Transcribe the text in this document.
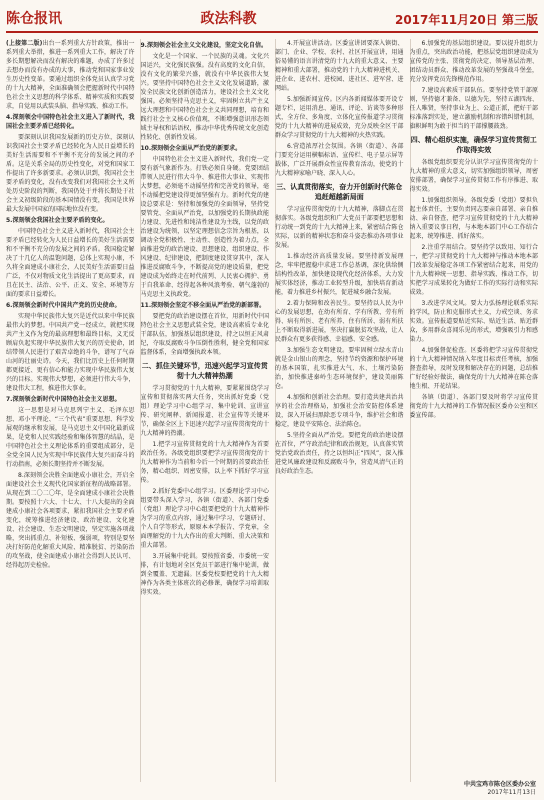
陈仓报讯	政法科教	2017年11月20日 第三版

(上接第二版)出台一系列重大方针政策，推出一系列重大举措，推进一系列重大工作，解决了许多长期想解决而没有解决的难题，办成了许多过去想办而没有办成的大事，推动党和国家事业发生历史性变革。要通过组织全体党员认真学习党的十九大精神，全面准确领会把握新时代中国特色社会主义思想的科学体系、精神实质和实践要求，自觉用以武装头脑、指导实践、推动工作。

4.深刻领会中国特色社会主义进入了新时代，我国社会主要矛盾已经转化。

要深刻认识我国发展新的历史方位，深刻认识我国社会主要矛盾已经转化为人民日益增长的美好生活需要和不平衡不充分的发展之间的矛盾。这是关系全局的历史性变化，对党和国家工作提出了许多新要求。必须认识到，我国社会主要矛盾的变化，没有改变我们对我国社会主义所处历史阶段的判断，我国仍处于并将长期处于社会主义初级阶段的基本国情没有变，我国是世界最大发展中国家的国际地位没有变。

5.深刻领会我国社会主要矛盾的变化。

中国特色社会主义进入新时代，我国社会主要矛盾已经转化为人民日益增长的美好生活需要和不平衡不充分的发展之间的矛盾。我国稳定解决了十几亿人的温饱问题，总体上实现小康，不久将全面建成小康社会，人民美好生活需要日益广泛，不仅对物质文化生活提出了更高要求，而且在民主、法治、公平、正义、安全、环境等方面的要求日益增长。

6.深刻领会新时代中国共产党的历史使命。

实现中华民族伟大复兴是近代以来中华民族最伟大的梦想。中国共产党一经成立，就把实现共产主义作为党的最高理想和最终目标，义无反顾肩负起实现中华民族伟大复兴的历史使命，团结带领人民进行了艰苦卓绝的斗争，谱写了气吞山河的壮丽史诗。今天，我们比历史上任何时期都更接近、更有信心和能力实现中华民族伟大复兴的目标。实现伟大梦想，必须进行伟大斗争，建设伟大工程，推进伟大事业。

7.深刻领会新时代中国特色社会主义思想。

这一思想是对马克思列宁主义、毛泽东思想、邓小平理论、“三个代表”重要思想、科学发展观的继承和发展，是马克思主义中国化最新成果，是党和人民实践经验和集体智慧的结晶，是中国特色社会主义理论体系的重要组成部分，是全党全国人民为实现中华民族伟大复兴而奋斗的行动指南，必须长期坚持并不断发展。

8.深刻领会决胜全面建成小康社会，开启全面建设社会主义现代化国家新征程的战略部署。从现在到二〇二〇年，是全面建成小康社会决胜期。要按照十六大、十七大、十八大提出的全面建成小康社会各项要求，紧扣我国社会主要矛盾变化，统筹推进经济建设、政治建设、文化建设、社会建设、生态文明建设，坚定实施各项战略，突出抓重点、补短板、强弱项，特别是要坚决打好防范化解重大风险、精准脱贫、污染防治的攻坚战，使全面建成小康社会得到人民认可、经得起历史检验。

9.深刻领会社会主义文化建设，坚定文化自信。

文化是一个国家、一个民族的灵魂。文化兴国运兴，文化强民族强。没有高度的文化自信，没有文化的繁荣兴盛，就没有中华民族伟大复兴。要坚持中国特色社会主义文化发展道路，激发全民族文化创新创造活力，建设社会主义文化强国。必须坚持马克思主义，牢固树立共产主义远大理想和中国特色社会主义共同理想，培育和践行社会主义核心价值观，不断增强意识形态领域主导权和话语权，推动中华优秀传统文化创造性转化、创新性发展。

10.深刻领会全面从严治党的新要求。

中国特色社会主义进入新时代，我们党一定要有新气象新作为。打铁必须自身硬。党要团结带领人民进行伟大斗争、推进伟大事业、实现伟大梦想，必须毫不动摇坚持和完善党的领导，毫不动摇把党建设得更加坚强有力。新时代党的建设总要求是：坚持和加强党的全面领导，坚持党要管党、全面从严治党，以加强党的长期执政能力建设、先进性和纯洁性建设为主线，以党的政治建设为统领，以坚定理想信念宗旨为根基，以调动全党积极性、主动性、创造性为着力点，全面推进党的政治建设、思想建设、组织建设、作风建设、纪律建设，把制度建设贯穿其中，深入推进反腐败斗争，不断提高党的建设质量，把党建设成为始终走在时代前列、人民衷心拥护、勇于自我革命、经得起各种风浪考验、朝气蓬勃的马克思主义执政党。

11.深刻领会坚定不移全面从严治党的新部署。

要把党的政治建设摆在首位，用新时代中国特色社会主义思想武装全党，建设高素质专业化干部队伍，加强基层组织建设，持之以恒正风肃纪，夺取反腐败斗争压倒性胜利，健全党和国家监督体系，全面增强执政本领。

二、抓住关键环节，迅速兴起学习宣传贯彻十九大精神热潮

学习贯彻党的十九大精神，要紧紧围绕学习宣传和贯彻落实两大任务，突出抓好党委（党组）理论学习中心组学习、集中轮训、宣讲宣传、研究阐释、新闻报道、社会宣传等关键环节，确保全区上下迅速兴起学习宣传贯彻党的十九大精神的热潮。

1.把学习宣传贯彻党的十九大精神作为首要政治任务。各级党组织要把学习宣传贯彻党的十九大精神作为当前和今后一个时期的首要政治任务，精心组织、周密安排，以上率下抓好学习宣传。

2.抓好党委中心组学习。区委理论学习中心组要带头深入学习，各镇（街道）、各部门党委（党组）理论学习中心组要把党的十九大精神作为学习的重点内容，通过集中学习、专题研讨、个人自学等形式，原原本本学报告、学党章，全面理解党的十九大作出的重大判断、重大决策和重大部署。

3.开展集中轮训。要按照省委、市委统一安排，有计划地对全区党员干部进行集中轮训，做到全覆盖、无遗漏。区委党校要把党的十九大精神作为各类主体班次的必修课，确保学习培训取得实效。

4.开展宣讲活动。区委宣讲团要深入镇街、部门、企业、学校、农村、社区开展宣讲，用通俗易懂的语言讲清党的十九大的重大意义、主要精神和重大部署，推动党的十九大精神进机关、进企业、进农村、进校园、进社区、进军营、进网站。

5.加强新闻宣传。区内各新闻媒体要开设专题专栏，运用消息、通讯、评论、访谈等多种形式，全方位、多角度、立体化宣传报道学习贯彻党的十九大精神的进展成效，充分反映全区干部群众学习贯彻党的十九大精神的火热实践。

6.营造浓厚社会氛围。各镇（街道）、各部门要充分运用横幅标语、宣传栏、电子显示屏等载体，广泛开展群众性宣传教育活动，使党的十九大精神家喻户晓、深入人心。

三、认真贯彻落实，奋力开创新时代陈仓追赶超越新局面

学习宣传贯彻党的十九大精神，落脚点在贯彻落实。各级党组织和广大党员干部要把思想和行动统一到党的十九大精神上来，紧密结合陈仓实际，以新的精神状态和奋斗姿态推动各项事业发展。

1.推动经济高质量发展。要坚持新发展理念，牢牢把握稳中求进工作总基调，深化供给侧结构性改革，加快建设现代化经济体系，大力发展实体经济，推动工业转型升级，加快培育新动能，着力推进乡村振兴，促进城乡融合发展。

2.着力保障和改善民生。要坚持以人民为中心的发展思想，在幼有所育、学有所教、劳有所得、病有所医、老有所养、住有所居、弱有所扶上不断取得新进展，坚决打赢脱贫攻坚战，让人民群众有更多获得感、幸福感、安全感。

3.加强生态文明建设。要牢固树立绿水青山就是金山银山的理念，坚持节约资源和保护环境的基本国策，扎实推进大气、水、土壤污染防治，加快推进秦岭生态环境保护，建设美丽陈仓。

4.加强和创新社会治理。要打造共建共治共享的社会治理格局，加强社会治安防控体系建设，深入开展扫黑除恶专项斗争，维护社会和谐稳定，建设平安陈仓、法治陈仓。

5.坚持全面从严治党。要把党的政治建设摆在首位，严守政治纪律和政治规矩，认真落实管党治党政治责任，持之以恒纠正“四风”，深入推进党风廉政建设和反腐败斗争，营造风清气正的良好政治生态。

6.加强党的基层组织建设。要以提升组织力为重点，突出政治功能，把基层党组织建设成为宣传党的主张、贯彻党的决定、领导基层治理、团结动员群众、推动改革发展的坚强战斗堡垒，充分发挥党员先锋模范作用。

7.建设高素质干部队伍。要坚持党管干部原则，坚持德才兼备、以德为先，坚持五湖四海、任人唯贤，坚持事业为上、公道正派，把好干部标准落到实处，建立激励机制和容错纠错机制，旗帜鲜明为敢于担当的干部撑腰鼓劲。

四、精心组织实施，确保学习宣传贯彻工作取得实效

各级党组织要充分认识学习宣传贯彻党的十九大精神的重大意义，切实加强组织领导，周密安排部署，确保学习宣传贯彻工作有序推进、取得实效。

1.加强组织领导。各级党委（党组）要担负起主体责任，主要负责同志要亲自部署、亲自推动、亲自督查，把学习宣传贯彻党的十九大精神纳入重要议事日程，与本地本部门中心工作结合起来，统筹推进、抓好落实。

2.注重学用结合。要坚持学以致用、知行合一，把学习贯彻党的十九大精神与推动本地本部门改革发展稳定各项工作紧密结合起来，用党的十九大精神统一思想、指导实践、推动工作，切实把学习成果转化为做好工作的实际行动和实际成效。

3.改进学风文风。要大力弘扬理论联系实际的学风，防止和克服形式主义，力戒空谈、务求实效。宣传报道要贴近实际、贴近生活、贴近群众，多用群众喜闻乐见的形式，增强吸引力和感染力。

4.加强督促检查。区委将把学习宣传贯彻党的十九大精神情况纳入年度目标责任考核，加强督查指导，及时发现和解决存在的问题，总结推广好经验好做法，确保党的十九大精神在陈仓落地生根、开花结果。

各镇（街道）、各部门要及时将学习宣传贯彻党的十九大精神的工作情况报区委办公室和区委宣传部。

中共宝鸡市陈仓区委办公室
2017年11月13日
